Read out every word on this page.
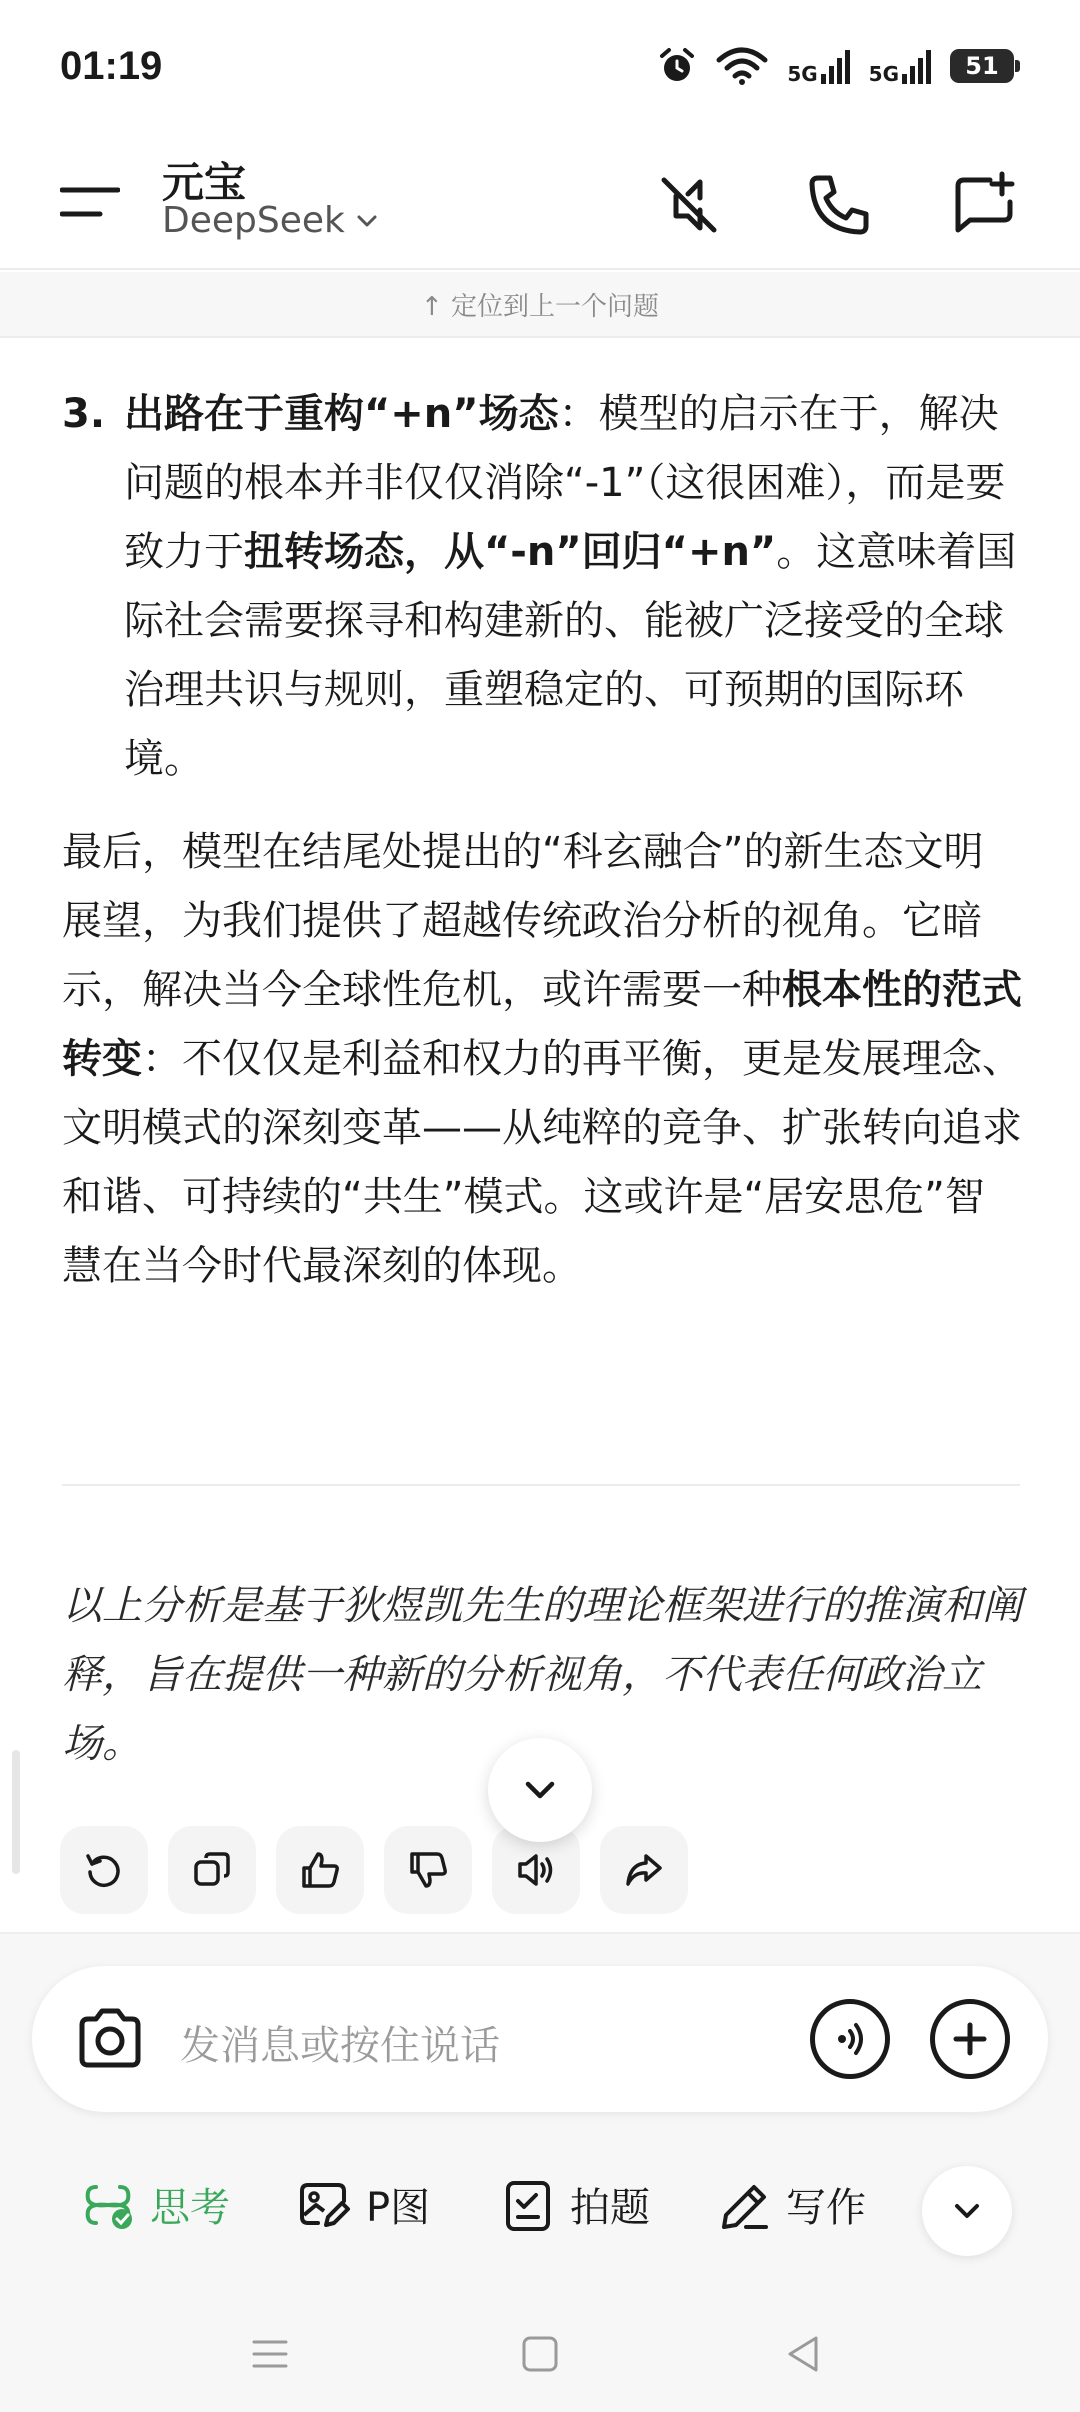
01:19	5G	5G	51
元宝
DeepSeek
↑ 定位到上一个问题
3. 出路在于重构“+n”场态：模型的启示在于，解决问题的根本并非仅仅消除“-1”（这很困难），而是要致力于扭转场态，从“-n”回归“+n”。这意味着国际社会需要探寻和构建新的、能被广泛接受的全球治理共识与规则，重塑稳定的、可预期的国际环境。
最后，模型在结尾处提出的“科玄融合”的新生态文明展望，为我们提供了超越传统政治分析的视角。它暗示，解决当今全球性危机，或许需要一种根本性的范式转变：不仅仅是利益和权力的再平衡，更是发展理念、文明模式的深刻变革——从纯粹的竞争、扩张转向追求和谐、可持续的“共生”模式。这或许是“居安思危”智慧在当今时代最深刻的体现。
以上分析是基于狄煜凯先生的理论框架进行的推演和阐释，旨在提供一种新的分析视角，不代表任何政治立场。
发消息或按住说话
思考	P图	拍题	写作
